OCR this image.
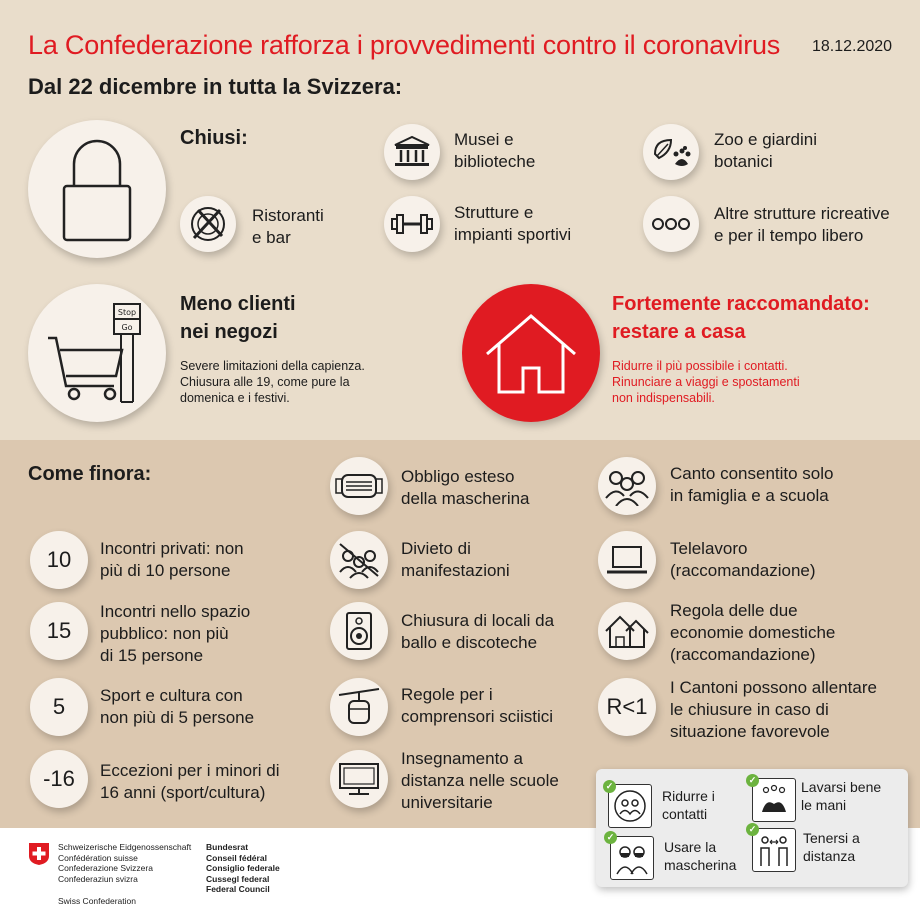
La Confederazione rafforza i provvedimenti contro il coronavirus 18.12.2020
Dal 22 dicembre in tutta la Svizzera:
Chiusi:	Musei e
biblioteche
Zoo e giardini
botanici
Ristoranti
e bar
Strutture e
impianti sportivi
Altre strutture ricreative
e per il tempo libero
Stop
Go
Meno clienti
nei negozi
Severe limitazioni della capienza.
Chiusura alle 19, come pure la
domenica e i festivi.
Fortemente raccomandato:
restare a casa
Ridurre il più possibile i contatti.
Rinunciare a viaggi e spostamenti
non indispensabili.
Come finora:
10 Incontri privati: non
più di 10 persone
15
Incontri nello spazio
pubblico: non più
di 15 persone
5 Sport e cultura con
non più di 5 persone
-16 Eccezioni per i minori di
16 anni (sport/cultura)
Obbligo esteso
della mascherina
Divieto di
manifestazioni
Chiusura di locali da
ballo e discoteche
Regole per i
comprensori sciistici
Insegnamento a
distanza nelle scuole
universitarie
Canto consentito solo
in famiglia e a scuola
Telelavoro
(raccomandazione)
Regola delle due
economie domestiche
(raccomandazione)
R<1
I Cantoni possono allentare
le chiusure in caso di
situazione favorevole
✓
Ridurre i
contatti
✓	Lavarsi bene
le mani
✓
Usare la
mascherina
✓
Tenersi a
distanza
Schweizerische Eidgenossenschaft
Confédération suisse
Confederazione Svizzera
Confederaziun svizra
Swiss Confederation
Bundesrat
Conseil fédéral
Consiglio federale
Cussegl federal
Federal Council
